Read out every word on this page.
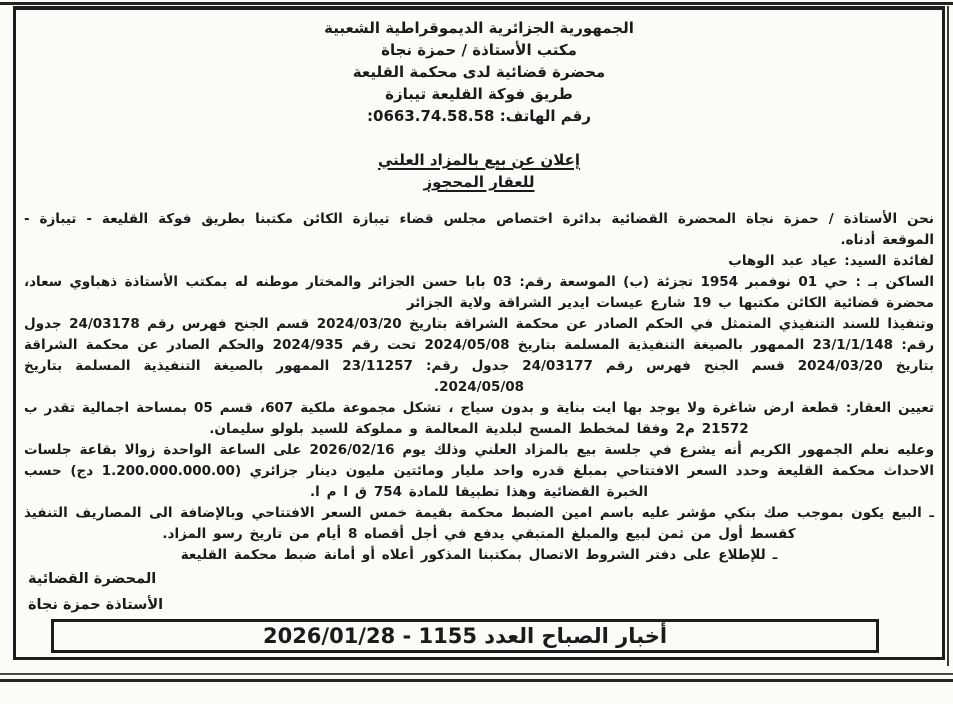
الجمهورية الجزائرية الديموقراطية الشعبية
مكتب الأستاذة / حمزة نجاة
محضرة قضائية لدى محكمة القليعة
طريق فوكة القليعة تيبازة
رقم الهاتف: 0663.74.58.58:
إعلان عن بيع بالمزاد العلني
للعقار المحجوز

نحن الأستاذة / حمزة نجاة المحضرة القضائية بدائرة اختصاص مجلس قضاء تيبازة الكائن مكتبنا بطريق فوكة القليعة - تيبازة - الموقعة أدناه.

لفائدة السيد: عياد عبد الوهاب

الساكن بـ : حي 01 نوفمبر 1954 تجزئة (ب) الموسعة رقم: 03 بابا حسن الجزائر والمختار موطنه له بمكتب الأستاذة ذهباوي سعاد، محضرة قضائية الكائن مكتبها ب 19 شارع عيسات ايدير الشراقة ولاية الجزائر

وتنفيذا للسند التنفيذي المتمثل في الحكم الصادر عن محكمة الشراقة بتاريخ 2024/03/20 قسم الجنح فهرس رقم 24/03178 جدول رقم: 23/1/1/148 الممهور بالصيغة التنفيذية المسلمة بتاريخ 2024/05/08 تحت رقم 2024/935 والحكم الصادر عن محكمة الشراقة بتاريخ 2024/03/20 قسم الجنح فهرس رقم 24/03177 جدول رقم: 23/11257 الممهور بالصيغة التنفيذية المسلمة بتاريخ 2024/05/08.

تعيين العقار: قطعة ارض شاغرة ولا يوجد بها ايت بناية و بدون سياج ، تشكل مجموعة ملكية 607، قسم 05 بمساحة اجمالية تقدر ب 21572 م2 وفقا لمخطط المسح لبلدية المعالمة و مملوكة للسيد بلولو سليمان.

وعليه نعلم الجمهور الكريم أنه يشرع في جلسة بيع بالمزاد العلني وذلك يوم 2026/02/16 على الساعة الواحدة زوالا بقاعة جلسات الاحداث محكمة القليعة وحدد السعر الافتتاحي بمبلغ قدره واحد مليار ومائتين مليون دينار جزائري (1.200.000.000.00 دج) حسب الخبرة القضائية وهذا تطبيقا للمادة 754 ق ا م ا.

ـ البيع يكون بموجب صك بنكي مؤشر عليه باسم امين الضبط محكمة بقيمة خمس السعر الافتتاحي وبالإضافة الى المصاريف التنفيذ كقسط أول من ثمن لبيع والمبلغ المتبقي يدفع في أجل أقصاه 8 أيام من تاريخ رسو المزاد.

ـ للإطلاع على دفتر الشروط الاتصال بمكتبنا المذكور أعلاه أو أمانة ضبط محكمة القليعة

المحضرة القضائية
الأستاذة حمزة نجاة
أخبار الصباح العدد 1155 ‏- 2026/01/28
